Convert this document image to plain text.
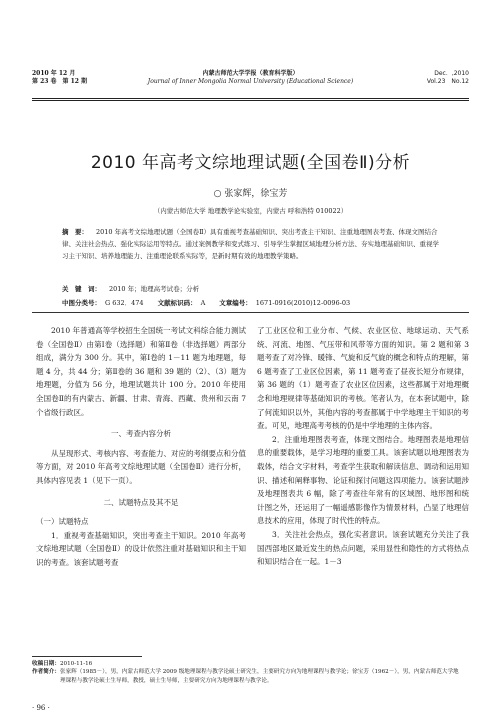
2010 年 12 月
第 23 卷　第 12 期
内蒙古师范大学学报（教育科学版）
Journal of Inner Mongolia Normal University (Educational Science)
Dec．,2010
Vol.23　No.12
2010 年高考文综地理试题(全国卷Ⅱ)分析
○ 张家辉，徐宝芳
（内蒙古师范大学 地理教学论实验室，内蒙古 呼和浩特 010022）
摘　要： 2010 年高考文综地理试题（全国卷Ⅱ）具有重视考查基础知识、突出考查主干知识、注重地理图表考查、体现文图结合律、关注社会热点、强化实际运用等特点。通过案例教学和变式练习、引导学生掌握区域地理分析方法、夯实地理基础知识、重视学习主干知识、培养地理能力、注重理论联系实际等，是新时期有效的地理教学策略。
关　键　词： 2010 年；地理高考试卷；分析
中图分类号： G 632．474 文献标识码： A 文章编号： 1671-0916(2010)12-0096-03

2010 年普通高等学校招生全国统一考试文科综合能力测试卷（全国卷Ⅱ）由第Ⅰ卷（选择题）和第Ⅱ卷（非选择题）两部分组成，满分为 300 分。其中，第Ⅰ卷的 1－11 题为地理题，每题 4 分，共 44 分；第Ⅱ卷的 36 题和 39 题的（2）、（3）题为地理题，分值为 56 分，地理试题共计 100 分。2010 年使用全国卷Ⅱ的有内蒙古、新疆、甘肃、青海、西藏、贵州和云南 7 个省级行政区。

一、考查内容分析

从呈现形式、考核内容、考查能力、对应的考纲要点和分值等方面，对 2010 年高考文综地理试题（全国卷Ⅱ）进行分析，具体内容见表 1（见下一页）。

二、试题特点及其不足
（一）试题特点

1．重视考查基础知识，突出考查主干知识。2010 年高考文综地理试题（全国卷Ⅱ）的设计依然注重对基础知识和主干知识的考查。该套试题考查

了工业区位和工业分布、气候、农业区位、地球运动、天气系统、河流、地图、气压带和风带等方面的知识。第 2 题和第 3 题考查了对冷锋、暖锋、气旋和反气旋的概念和特点的理解，第 6 题考查了工业区位因素，第 11 题考查了昼夜长短分布规律，第 36 题的（1）题考查了农业区位因素，这些都属于对地理概念和地理规律等基础知识的考核。笔者认为，在本套试题中，除了何流知识以外，其他内容的考查都属于中学地理主干知识的考查。可见，地理高考考核的仍是中学地理的主体内容。

2．注重地理图表考查，体现文图结合。地理图表是地理信息的重要载体，是学习地理的重要工具。该套试题以地理图表为载体，结合文字材料，考查学生获取和解读信息、调动和运用知识、描述和阐释事物、论证和探讨问题这四项能力。该套试题涉及地理图表共 6 幅，除了考查往年常有的区域图、地形图和统计图之外，还运用了一幅遥感影像作为情景材料，凸显了地理信息技术的应用，体现了时代性的特点。

3．关注社会热点，强化实者意识。该套试题充分关注了我国西部地区最近发生的热点问题，采用显性和隐性的方式将热点和知识结合在一起。1－3

收稿日期： 2010-11-16
作者简介： 张家辉（1985－），男，内蒙古师范大学 2009 级地理课程与教学论硕士研究生，主要研究方向为地理课程与教学论；徐宝芳（1962－），男，内蒙古师范大学地理课程与教学论硕士生导师，教授，硕士生导师，主要研究方向为地理课程与教学论。
· 96 ·
